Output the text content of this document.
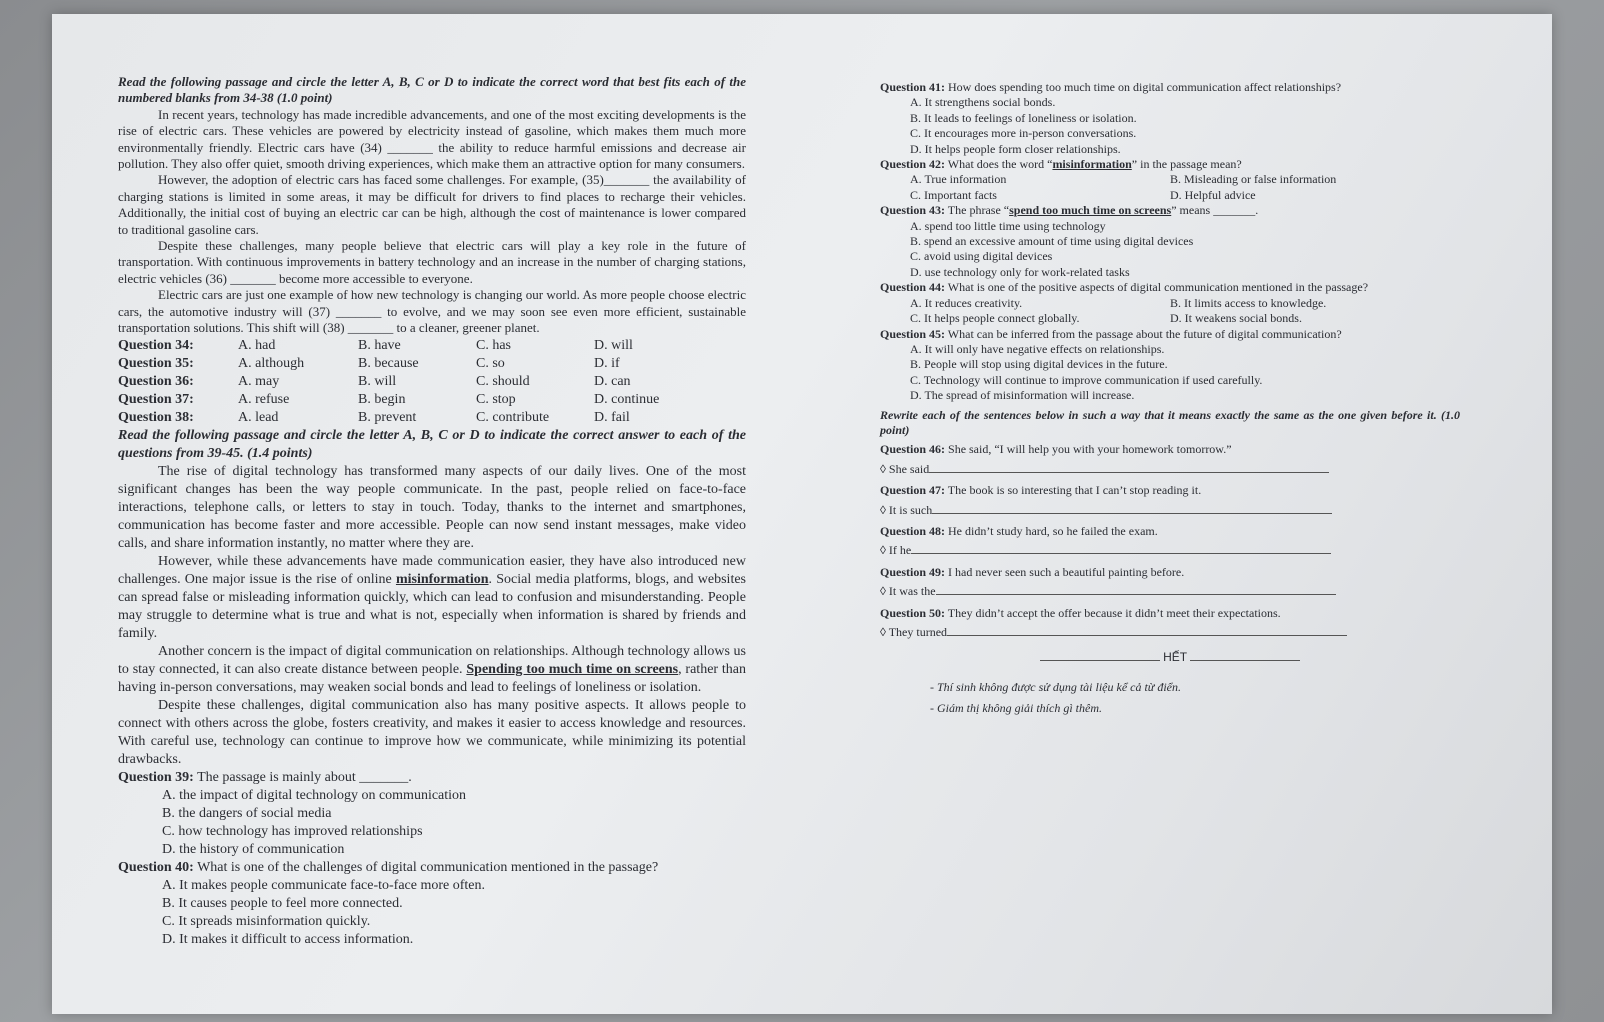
Read the following passage and circle the letter A, B, C or D to indicate the correct word that best fits each of the numbered blanks from 34-38 (1.0 point)

In recent years, technology has made incredible advancements, and one of the most exciting developments is the rise of electric cars. These vehicles are powered by electricity instead of gasoline, which makes them much more environmentally friendly. Electric cars have (34) _______ the ability to reduce harmful emissions and decrease air pollution. They also offer quiet, smooth driving experiences, which make them an attractive option for many consumers.

However, the adoption of electric cars has faced some challenges. For example, (35)_______ the availability of charging stations is limited in some areas, it may be difficult for drivers to find places to recharge their vehicles. Additionally, the initial cost of buying an electric car can be high, although the cost of maintenance is lower compared to traditional gasoline cars.

Despite these challenges, many people believe that electric cars will play a key role in the future of transportation. With continuous improvements in battery technology and an increase in the number of charging stations, electric vehicles (36) _______ become more accessible to everyone.

Electric cars are just one example of how new technology is changing our world. As more people choose electric cars, the automotive industry will (37) _______ to evolve, and we may soon see even more efficient, sustainable transportation solutions. This shift will (38) _______ to a cleaner, greener planet.

Question 34:	A. had	B. have	C. has	D. will
Question 35:	A. although	B. because	C. so	D. if
Question 36:	A. may	B. will	C. should	D. can
Question 37:	A. refuse	B. begin	C. stop	D. continue
Question 38:	A. lead	B. prevent	C. contribute	D. fail

Read the following passage and circle the letter A, B, C or D to indicate the correct answer to each of the questions from 39-45. (1.4 points)

The rise of digital technology has transformed many aspects of our daily lives. One of the most significant changes has been the way people communicate. In the past, people relied on face-to-face interactions, telephone calls, or letters to stay in touch. Today, thanks to the internet and smartphones, communication has become faster and more accessible. People can now send instant messages, make video calls, and share information instantly, no matter where they are.

However, while these advancements have made communication easier, they have also introduced new challenges. One major issue is the rise of online misinformation. Social media platforms, blogs, and websites can spread false or misleading information quickly, which can lead to confusion and misunderstanding. People may struggle to determine what is true and what is not, especially when information is shared by friends and family.

Another concern is the impact of digital communication on relationships. Although technology allows us to stay connected, it can also create distance between people. Spending too much time on screens, rather than having in-person conversations, may weaken social bonds and lead to feelings of loneliness or isolation.

Despite these challenges, digital communication also has many positive aspects. It allows people to connect with others across the globe, fosters creativity, and makes it easier to access knowledge and resources. With careful use, technology can continue to improve how we communicate, while minimizing its potential drawbacks.

Question 39: The passage is mainly about _______.

A. the impact of digital technology on communication

B. the dangers of social media

C. how technology has improved relationships

D. the history of communication

Question 40: What is one of the challenges of digital communication mentioned in the passage?

A. It makes people communicate face-to-face more often.

B. It causes people to feel more connected.

C. It spreads misinformation quickly.

D. It makes it difficult to access information.

Question 41: How does spending too much time on digital communication affect relationships?

A. It strengthens social bonds.

B. It leads to feelings of loneliness or isolation.

C. It encourages more in-person conversations.

D. It helps people form closer relationships.

Question 42: What does the word “misinformation” in the passage mean?

A. True information	B. Misleading or false information
C. Important facts	D. Helpful advice

Question 43: The phrase “spend too much time on screens” means _______.

A. spend too little time using technology

B. spend an excessive amount of time using digital devices

C. avoid using digital devices

D. use technology only for work-related tasks

Question 44: What is one of the positive aspects of digital communication mentioned in the passage?

A. It reduces creativity.	B. It limits access to knowledge.
C. It helps people connect globally.	D. It weakens social bonds.

Question 45: What can be inferred from the passage about the future of digital communication?

A. It will only have negative effects on relationships.

B. People will stop using digital devices in the future.

C. Technology will continue to improve communication if used carefully.

D. The spread of misinformation will increase.

Rewrite each of the sentences below in such a way that it means exactly the same as the one given before it. (1.0 point)

Question 46: She said, “I will help you with your homework tomorrow.”

◊ She said

Question 47: The book is so interesting that I can’t stop reading it.

◊ It is such

Question 48: He didn’t study hard, so he failed the exam.

◊ If he

Question 49: I had never seen such a beautiful painting before.

◊ It was the

Question 50: They didn’t accept the offer because it didn’t meet their expectations.

◊ They turned

HẾT

- Thí sinh không được sử dụng tài liệu kể cả từ điển.

- Giám thị không giải thích gì thêm.
